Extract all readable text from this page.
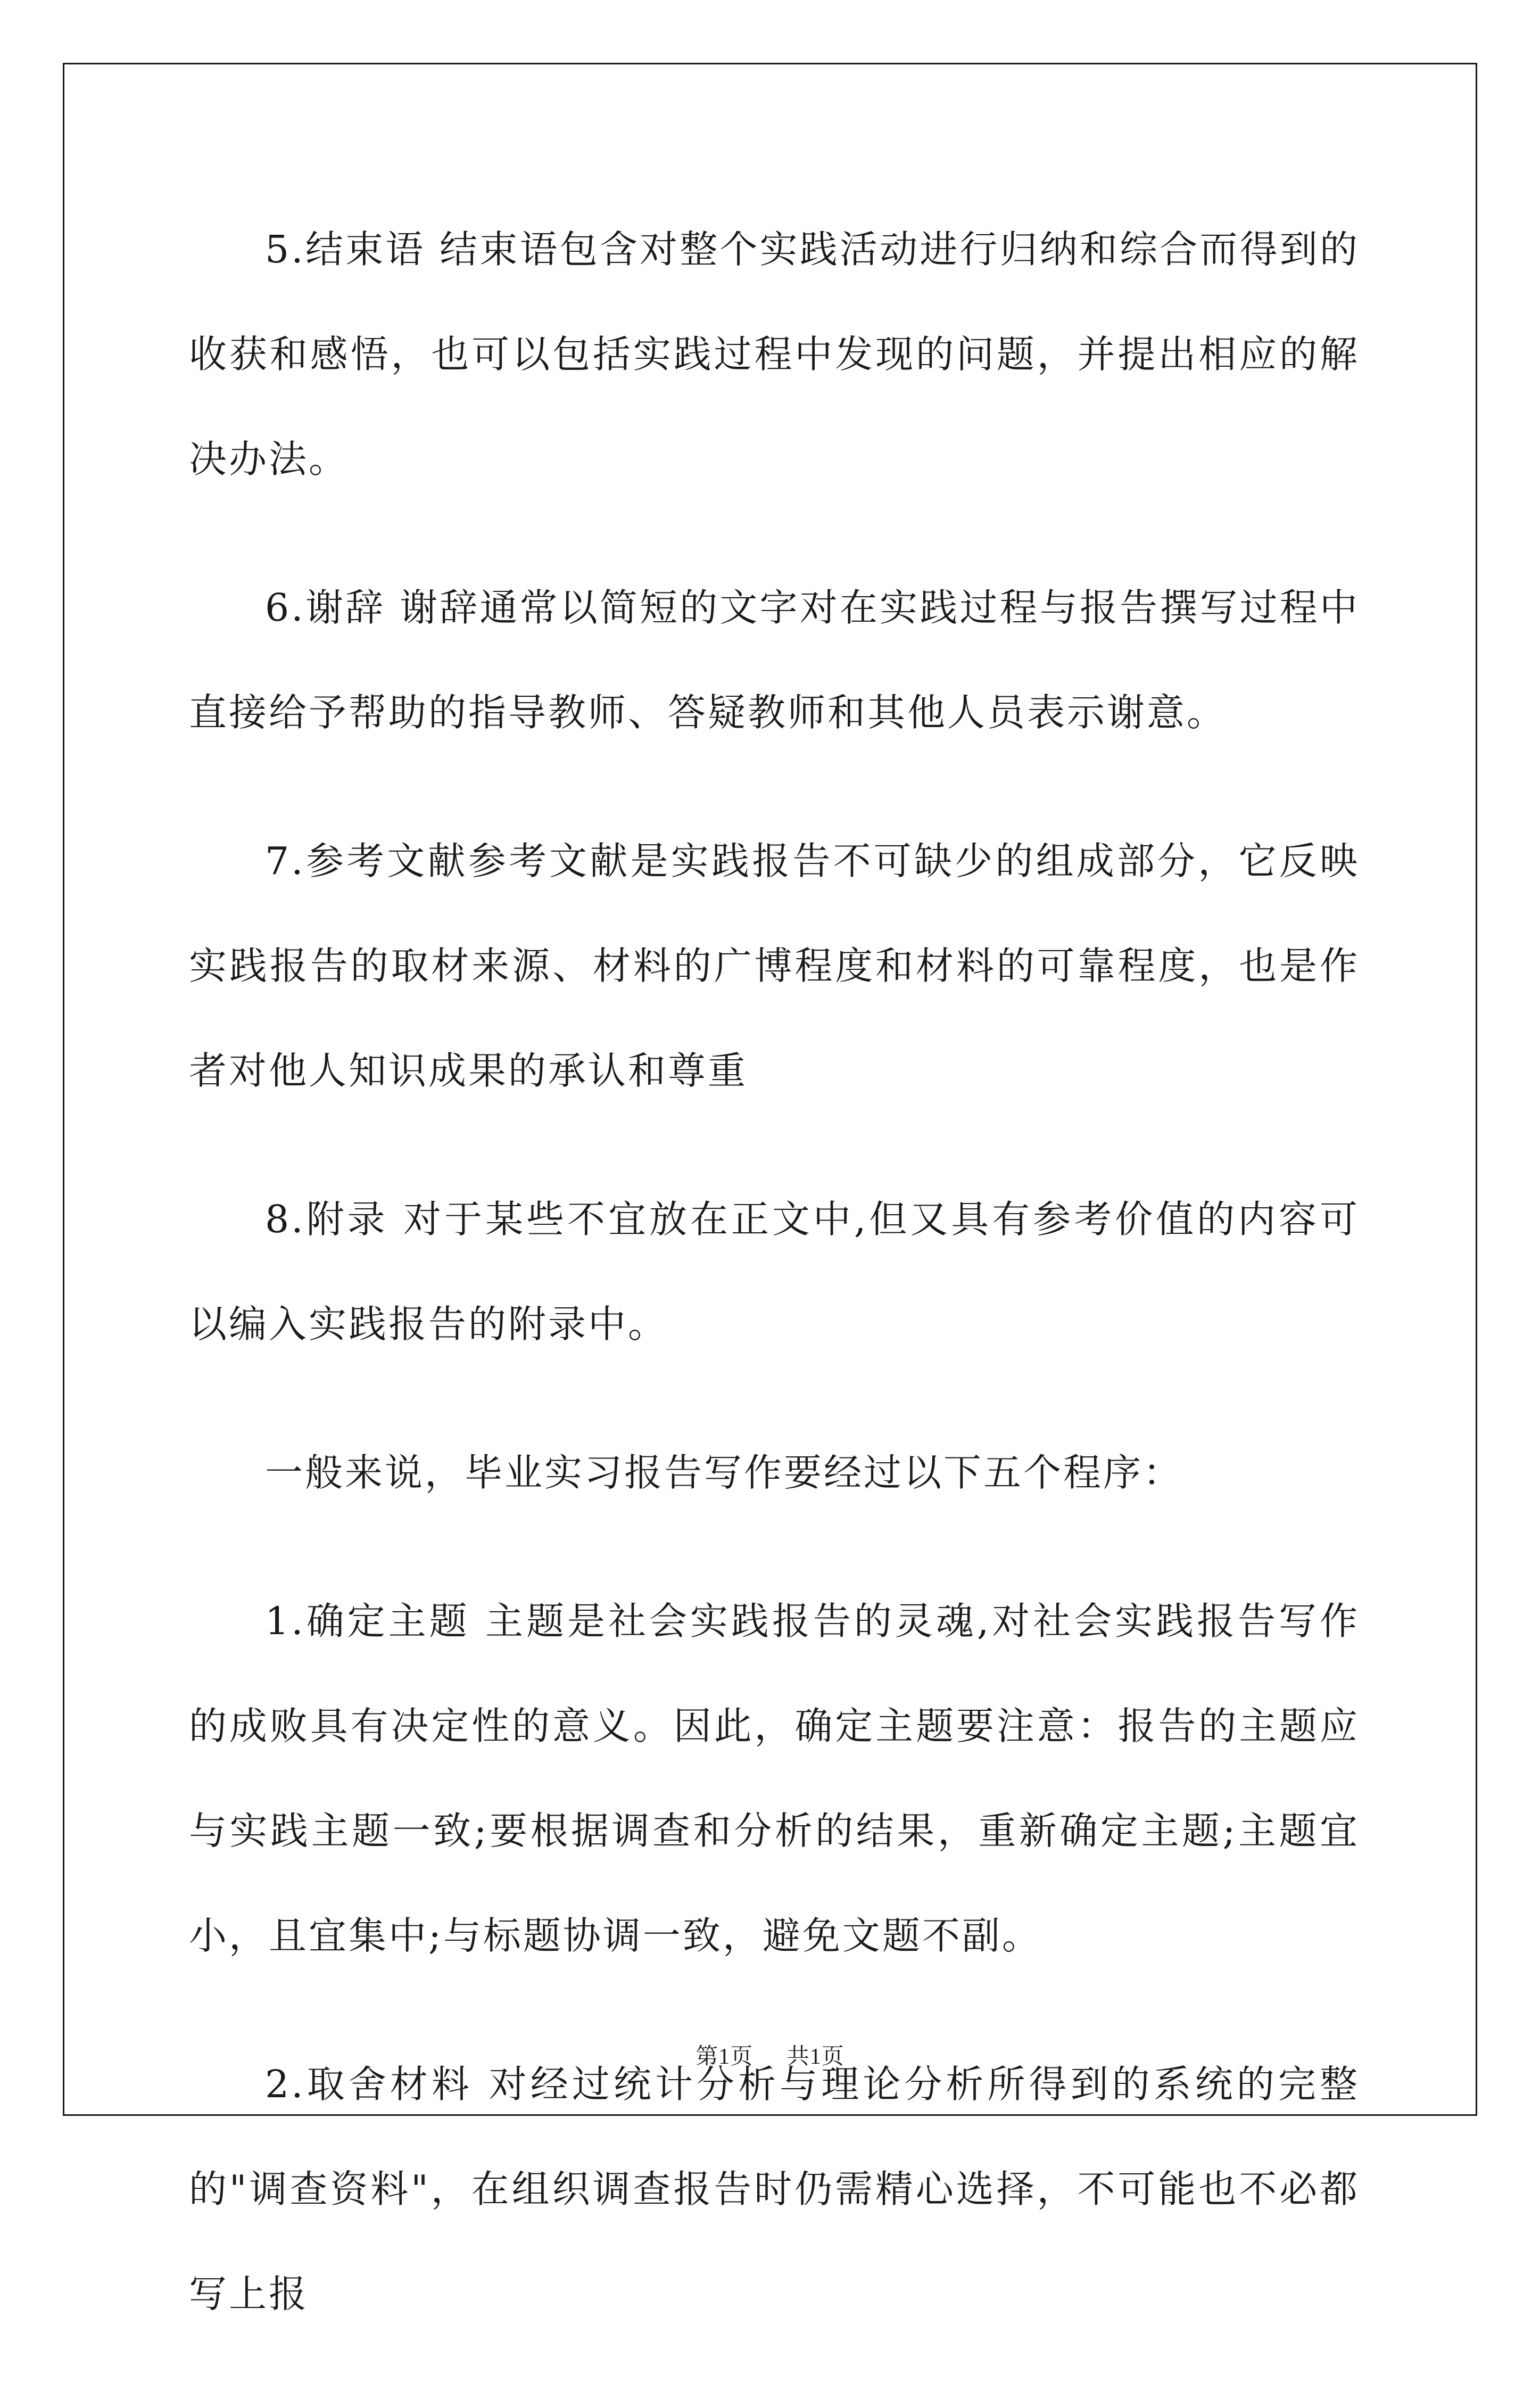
5.结束语 结束语包含对整个实践活动进行归纳和综合而得到的收获和感悟，也可以包括实践过程中发现的问题，并提出相应的解决办法。

6.谢辞 谢辞通常以简短的文字对在实践过程与报告撰写过程中直接给予帮助的指导教师、答疑教师和其他人员表示谢意。

7.参考文献参考文献是实践报告不可缺少的组成部分，它反映实践报告的取材来源、材料的广博程度和材料的可靠程度，也是作者对他人知识成果的承认和尊重

8.附录 对于某些不宜放在正文中,但又具有参考价值的内容可以编入实践报告的附录中。

一般来说，毕业实习报告写作要经过以下五个程序：

1.确定主题 主题是社会实践报告的灵魂,对社会实践报告写作的成败具有决定性的意义。因此，确定主题要注意：报告的主题应与实践主题一致;要根据调查和分析的结果，重新确定主题;主题宜小，且宜集中;与标题协调一致，避免文题不副。

2.取舍材料 对经过统计分析与理论分析所得到的系统的完整的"调查资料"，在组织调查报告时仍需精心选择，不可能也不必都写上报

第1页 共1页
